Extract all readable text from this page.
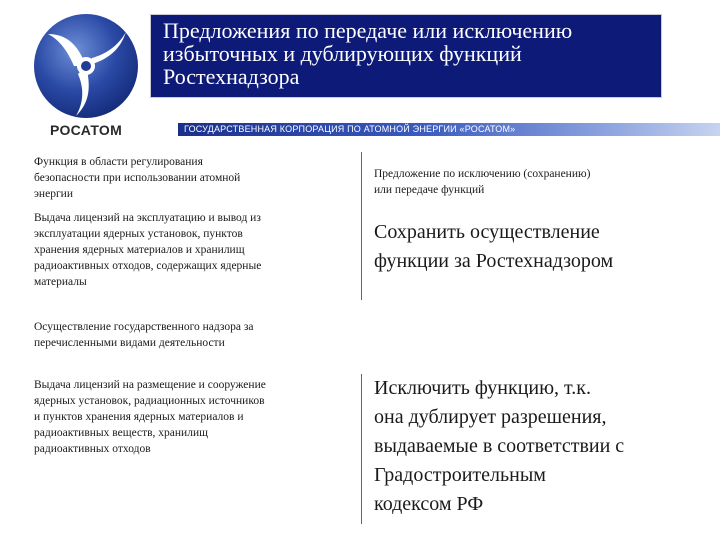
РОСАТОМ
Предложения по передаче или исключению
избыточных и дублирующих функций
Ростехнадзора
ГОСУДАРСТВЕННАЯ КОРПОРАЦИЯ ПО АТОМНОЙ ЭНЕРГИИ «РОСАТОМ»
Функция в области регулирования
безопасности при использовании атомной
энергии
Предложение по исключению (сохранению)
или передаче функций
Выдача лицензий на эксплуатацию и вывод из
эксплуатации ядерных установок, пунктов
хранения ядерных материалов и хранилищ
радиоактивных отходов, содержащих ядерные
материалы
Сохранить осуществление
функции за Ростехнадзором
Осуществление государственного надзора за
перечисленными видами деятельности
Выдача лицензий на размещение и сооружение
ядерных установок, радиационных источников
и пунктов хранения ядерных материалов и
радиоактивных веществ, хранилищ
радиоактивных отходов
Исключить функцию, т.к.
она дублирует разрешения,
выдаваемые в соответствии с
Градостроительным
кодексом РФ
